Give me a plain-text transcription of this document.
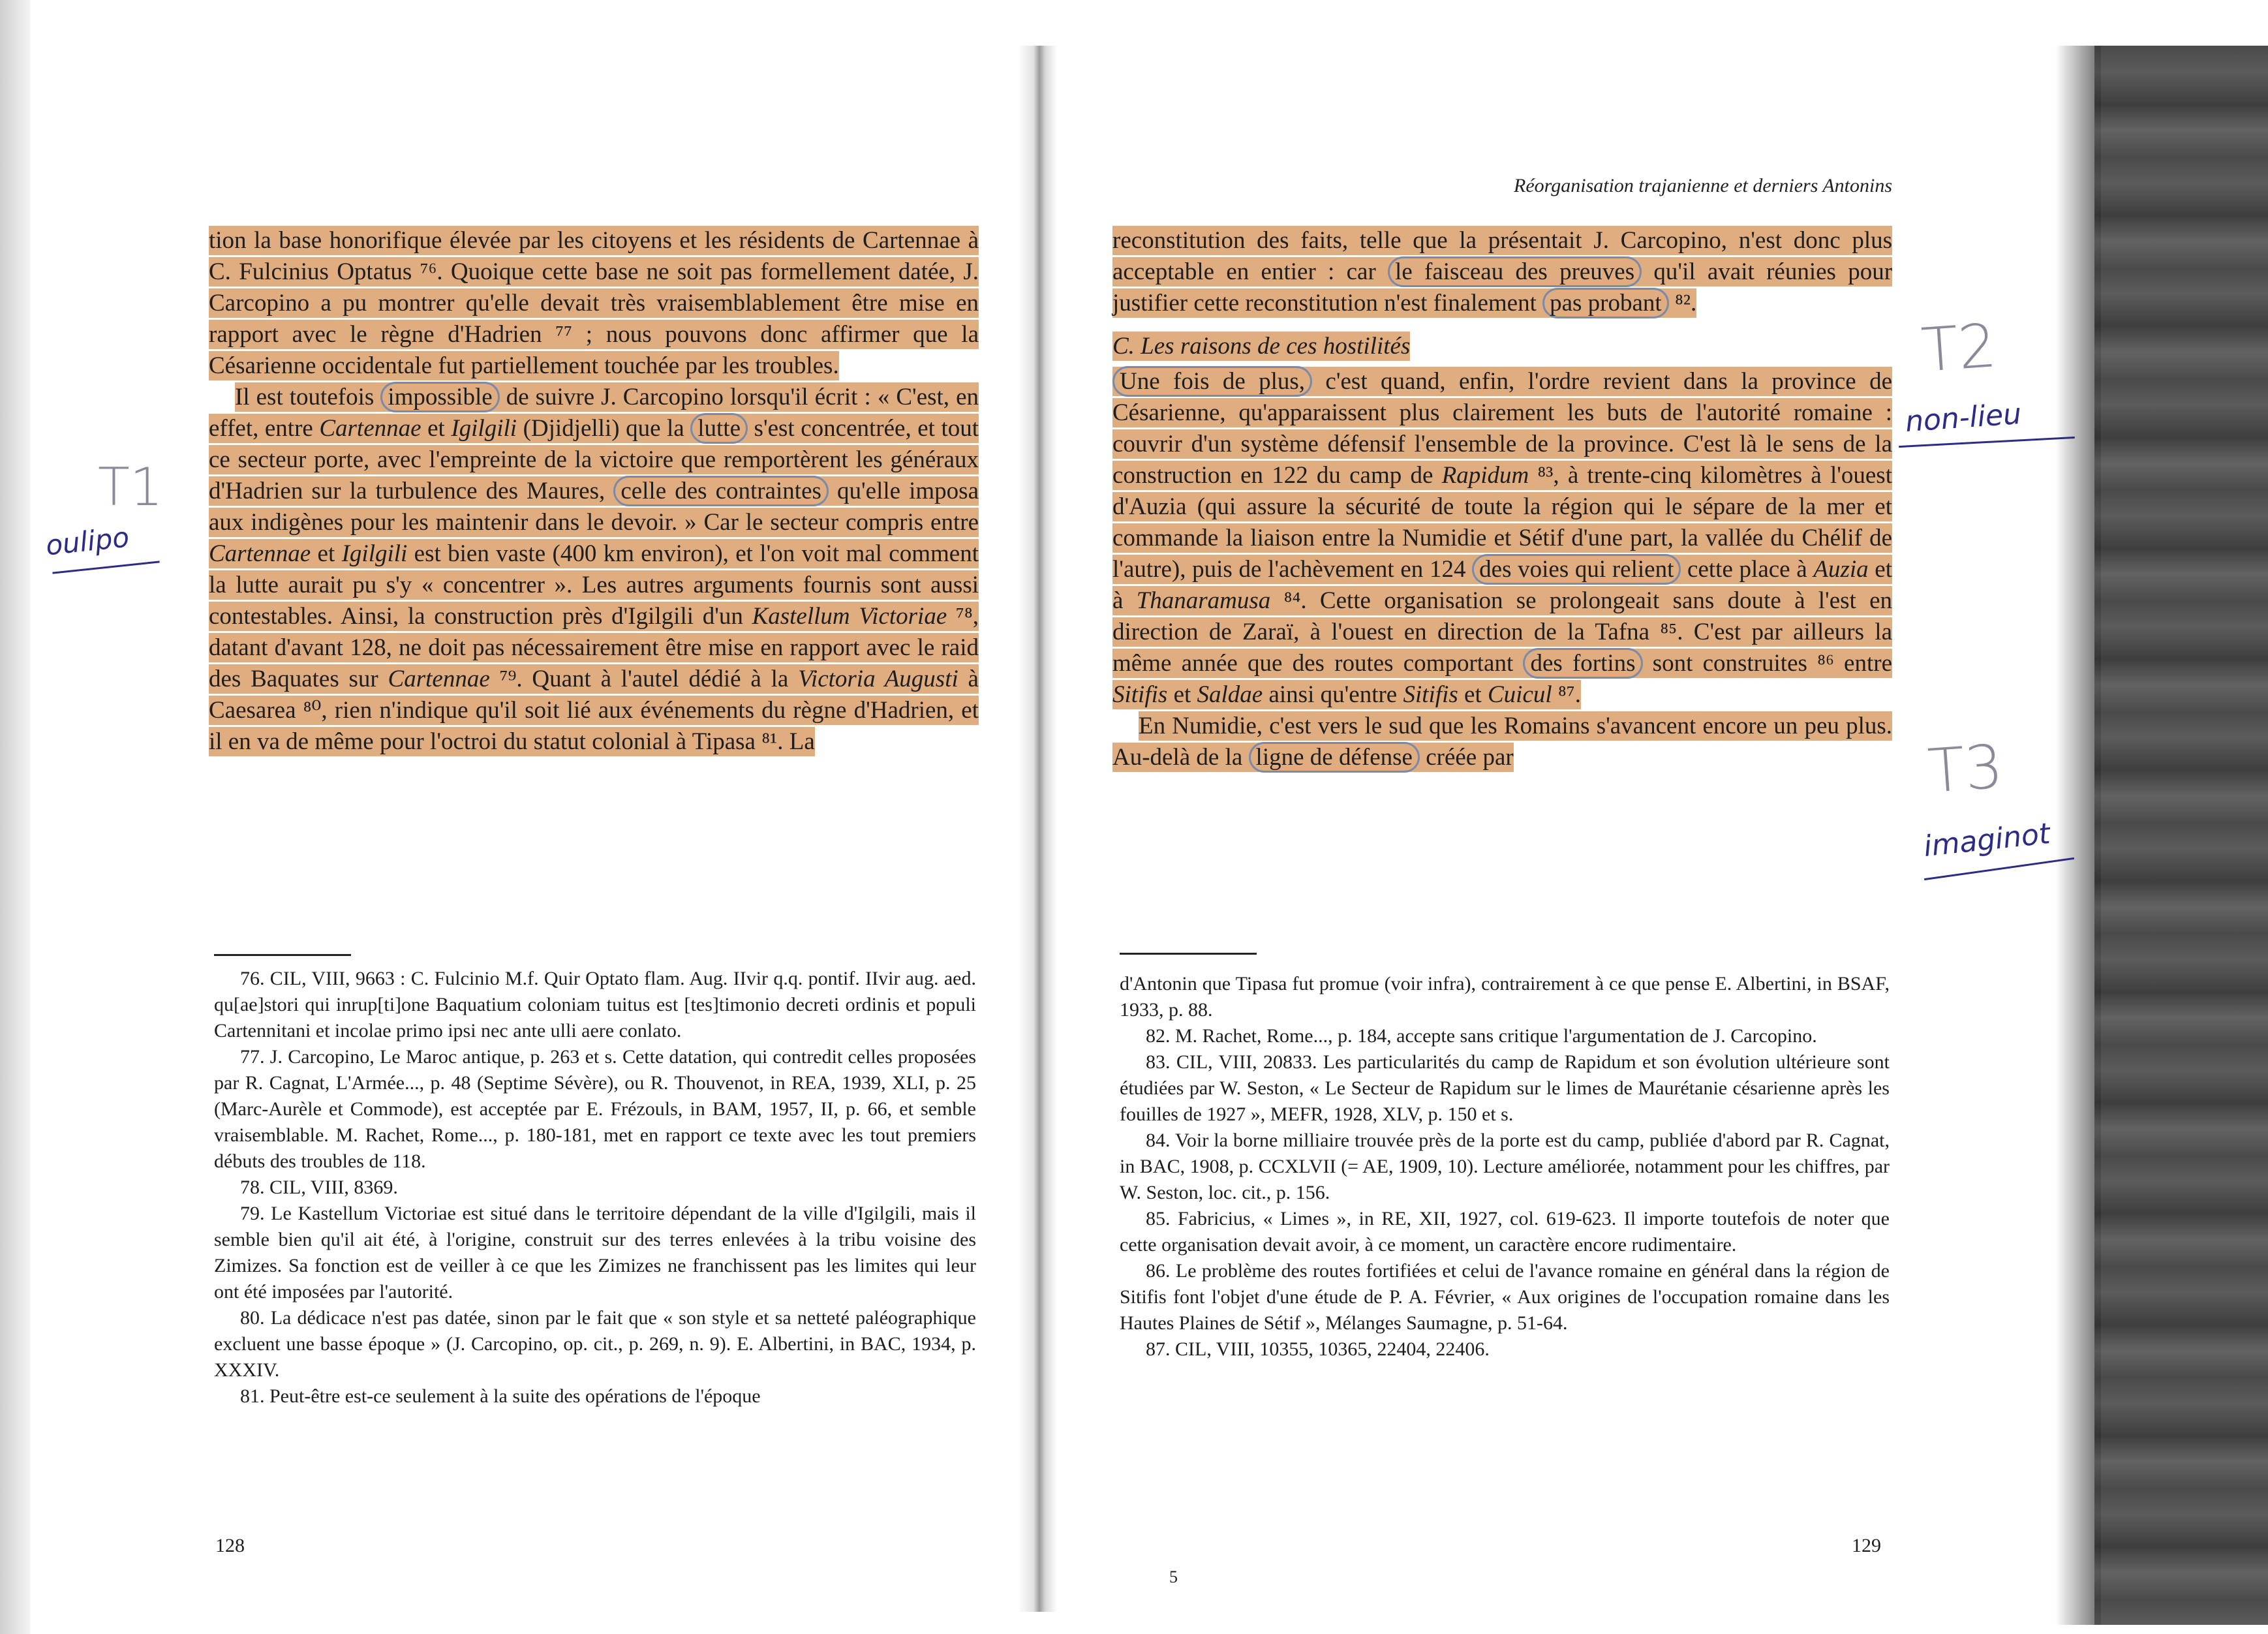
Réorganisation trajanienne et derniers Antonins

tion la base honorifique élevée par les citoyens et les résidents de Cartennae à C. Fulcinius Optatus ⁷⁶. Quoique cette base ne soit pas formellement datée, J. Carcopino a pu montrer qu'elle devait très vraisemblablement être mise en rapport avec le règne d'Hadrien ⁷⁷ ; nous pouvons donc affirmer que la Césarienne occidentale fut partiellement touchée par les troubles.

Il est toutefois impossible de suivre J. Carcopino lorsqu'il écrit : « C'est, en effet, entre Cartennae et Igilgili (Djidjelli) que la lutte s'est concentrée, et tout ce secteur porte, avec l'empreinte de la victoire que remportèrent les généraux d'Hadrien sur la turbulence des Maures, celle des contraintes qu'elle imposa aux indigènes pour les maintenir dans le devoir. » Car le secteur compris entre Cartennae et Igilgili est bien vaste (400 km environ), et l'on voit mal comment la lutte aurait pu s'y « concentrer ». Les autres arguments fournis sont aussi contestables. Ainsi, la construction près d'Igilgili d'un Kastellum Victoriae ⁷⁸, datant d'avant 128, ne doit pas nécessairement être mise en rapport avec le raid des Baquates sur Cartennae ⁷⁹. Quant à l'autel dédié à la Victoria Augusti à Caesarea ⁸⁰, rien n'indique qu'il soit lié aux événements du règne d'Hadrien, et il en va de même pour l'octroi du statut colonial à Tipasa ⁸¹. La

76. CIL, VIII, 9663 : C. Fulcinio M.f. Quir Optato flam. Aug. IIvir q.q. pontif. IIvir aug. aed. qu[ae]stori qui inrup[ti]one Baquatium coloniam tuitus est [tes]timonio decreti ordinis et populi Cartennitani et incolae primo ipsi nec ante ulli aere conlato.

77. J. Carcopino, Le Maroc antique, p. 263 et s. Cette datation, qui contredit celles proposées par R. Cagnat, L'Armée..., p. 48 (Septime Sévère), ou R. Thouvenot, in REA, 1939, XLI, p. 25 (Marc-Aurèle et Commode), est acceptée par E. Frézouls, in BAM, 1957, II, p. 66, et semble vraisemblable. M. Rachet, Rome..., p. 180-181, met en rapport ce texte avec les tout premiers débuts des troubles de 118.

78. CIL, VIII, 8369.

79. Le Kastellum Victoriae est situé dans le territoire dépendant de la ville d'Igilgili, mais il semble bien qu'il ait été, à l'origine, construit sur des terres enlevées à la tribu voisine des Zimizes. Sa fonction est de veiller à ce que les Zimizes ne franchissent pas les limites qui leur ont été imposées par l'autorité.

80. La dédicace n'est pas datée, sinon par le fait que « son style et sa netteté paléographique excluent une basse époque » (J. Carcopino, op. cit., p. 269, n. 9). E. Albertini, in BAC, 1934, p. XXXIV.

81. Peut-être est-ce seulement à la suite des opérations de l'époque

128

reconstitution des faits, telle que la présentait J. Carcopino, n'est donc plus acceptable en entier : car le faisceau des preuves qu'il avait réunies pour justifier cette reconstitution n'est finalement pas probant ⁸².

C. Les raisons de ces hostilités

Une fois de plus, c'est quand, enfin, l'ordre revient dans la province de Césarienne, qu'apparaissent plus clairement les buts de l'autorité romaine : couvrir d'un système défensif l'ensemble de la province. C'est là le sens de la construction en 122 du camp de Rapidum ⁸³, à trente-cinq kilomètres à l'ouest d'Auzia (qui assure la sécurité de toute la région qui le sépare de la mer et commande la liaison entre la Numidie et Sétif d'une part, la vallée du Chélif de l'autre), puis de l'achèvement en 124 des voies qui relient cette place à Auzia et à Thanaramusa ⁸⁴. Cette organisation se prolongeait sans doute à l'est en direction de Zaraï, à l'ouest en direction de la Tafna ⁸⁵. C'est par ailleurs la même année que des routes comportant des fortins sont construites ⁸⁶ entre Sitifis et Saldae ainsi qu'entre Sitifis et Cuicul ⁸⁷.

En Numidie, c'est vers le sud que les Romains s'avancent encore un peu plus. Au-delà de la ligne de défense créée par

d'Antonin que Tipasa fut promue (voir infra), contrairement à ce que pense E. Albertini, in BSAF, 1933, p. 88.

82. M. Rachet, Rome..., p. 184, accepte sans critique l'argumentation de J. Carcopino.

83. CIL, VIII, 20833. Les particularités du camp de Rapidum et son évolution ultérieure sont étudiées par W. Seston, « Le Secteur de Rapidum sur le limes de Maurétanie césarienne après les fouilles de 1927 », MEFR, 1928, XLV, p. 150 et s.

84. Voir la borne milliaire trouvée près de la porte est du camp, publiée d'abord par R. Cagnat, in BAC, 1908, p. CCXLVII (= AE, 1909, 10). Lecture améliorée, notamment pour les chiffres, par W. Seston, loc. cit., p. 156.

85. Fabricius, « Limes », in RE, XII, 1927, col. 619-623. Il importe toutefois de noter que cette organisation devait avoir, à ce moment, un caractère encore rudimentaire.

86. Le problème des routes fortifiées et celui de l'avance romaine en général dans la région de Sitifis font l'objet d'une étude de P. A. Février, « Aux origines de l'occupation romaine dans les Hautes Plaines de Sétif », Mélanges Saumagne, p. 51-64.

87. CIL, VIII, 10355, 10365, 22404, 22406.

129
5
T1
oulipo
T2
non-lieu
T3
imaginot
